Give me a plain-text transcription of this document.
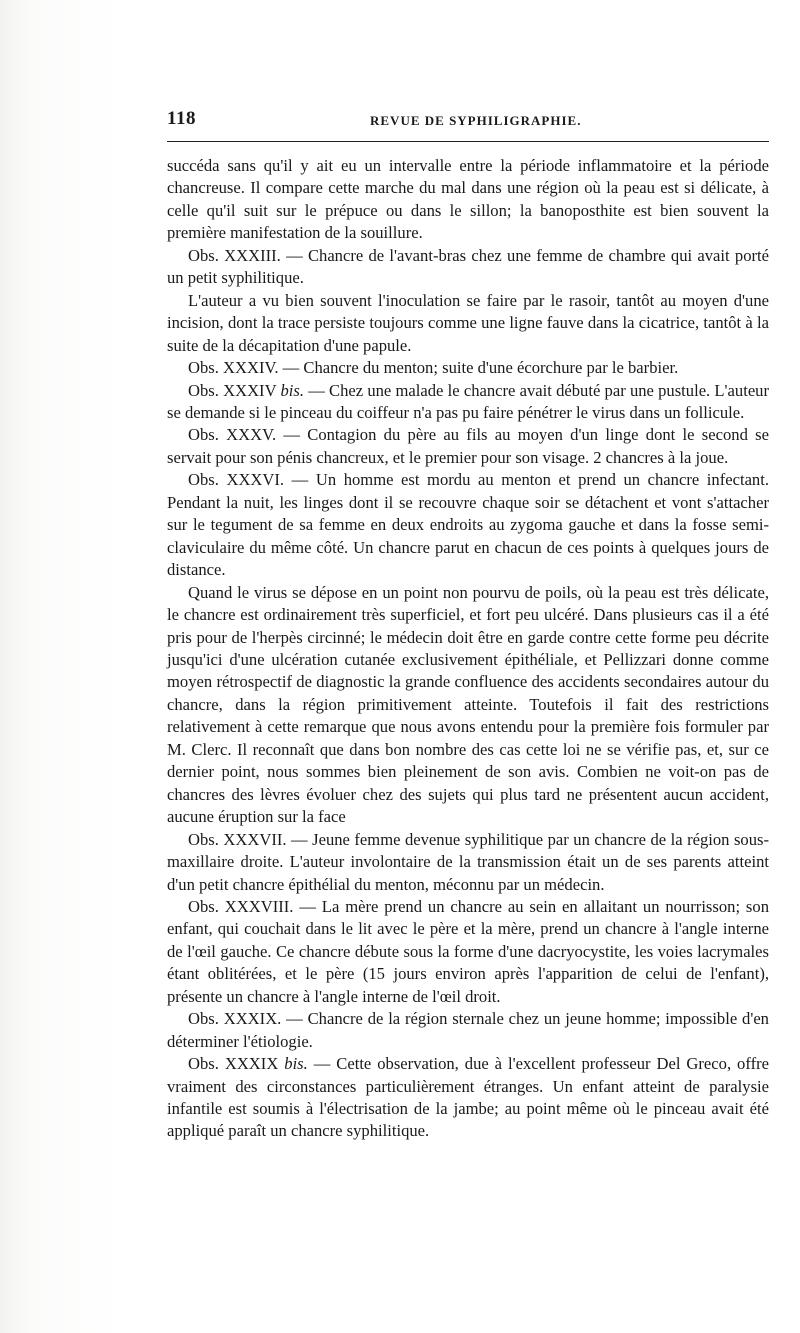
118	REVUE DE SYPHILIGRAPHIE.

succéda sans qu'il y ait eu un intervalle entre la période inflammatoire et la période chancreuse. Il compare cette marche du mal dans une région où la peau est si délicate, à celle qu'il suit sur le prépuce ou dans le sillon; la banoposthite est bien souvent la première manifestation de la souillure.

Obs. XXXIII. — Chancre de l'avant-bras chez une femme de chambre qui avait porté un petit syphilitique.

L'auteur a vu bien souvent l'inoculation se faire par le rasoir, tantôt au moyen d'une incision, dont la trace persiste toujours comme une ligne fauve dans la cicatrice, tantôt à la suite de la décapitation d'une papule.

Obs. XXXIV. — Chancre du menton; suite d'une écorchure par le barbier.

Obs. XXXIV bis. — Chez une malade le chancre avait débuté par une pustule. L'auteur se demande si le pinceau du coiffeur n'a pas pu faire pénétrer le virus dans un follicule.

Obs. XXXV. — Contagion du père au fils au moyen d'un linge dont le second se servait pour son pénis chancreux, et le premier pour son visage. 2 chancres à la joue.

Obs. XXXVI. — Un homme est mordu au menton et prend un chancre infectant. Pendant la nuit, les linges dont il se recouvre chaque soir se détachent et vont s'attacher sur le tegument de sa femme en deux endroits au zygoma gauche et dans la fosse semi-claviculaire du même côté. Un chancre parut en chacun de ces points à quelques jours de distance.

Quand le virus se dépose en un point non pourvu de poils, où la peau est très délicate, le chancre est ordinairement très superficiel, et fort peu ulcéré. Dans plusieurs cas il a été pris pour de l'herpès circinné; le médecin doit être en garde contre cette forme peu décrite jusqu'ici d'une ulcération cutanée exclusivement épithéliale, et Pellizzari donne comme moyen rétrospectif de diagnostic la grande confluence des accidents secondaires autour du chancre, dans la région primitivement atteinte. Toutefois il fait des restrictions relativement à cette remarque que nous avons entendu pour la première fois formuler par M. Clerc. Il reconnaît que dans bon nombre des cas cette loi ne se vérifie pas, et, sur ce dernier point, nous sommes bien pleinement de son avis. Combien ne voit-on pas de chancres des lèvres évoluer chez des sujets qui plus tard ne présentent aucun accident, aucune éruption sur la face

Obs. XXXVII. — Jeune femme devenue syphilitique par un chancre de la région sous-maxillaire droite. L'auteur involontaire de la transmission était un de ses parents atteint d'un petit chancre épithélial du menton, méconnu par un médecin.

Obs. XXXVIII. — La mère prend un chancre au sein en allaitant un nourrisson; son enfant, qui couchait dans le lit avec le père et la mère, prend un chancre à l'angle interne de l'œil gauche. Ce chancre débute sous la forme d'une dacryocystite, les voies lacrymales étant oblitérées, et le père (15 jours environ après l'apparition de celui de l'enfant), présente un chancre à l'angle interne de l'œil droit.

Obs. XXXIX. — Chancre de la région sternale chez un jeune homme; impossible d'en déterminer l'étiologie.

Obs. XXXIX bis. — Cette observation, due à l'excellent professeur Del Greco, offre vraiment des circonstances particulièrement étranges. Un enfant atteint de paralysie infantile est soumis à l'électrisation de la jambe; au point même où le pinceau avait été appliqué paraît un chancre syphilitique.
